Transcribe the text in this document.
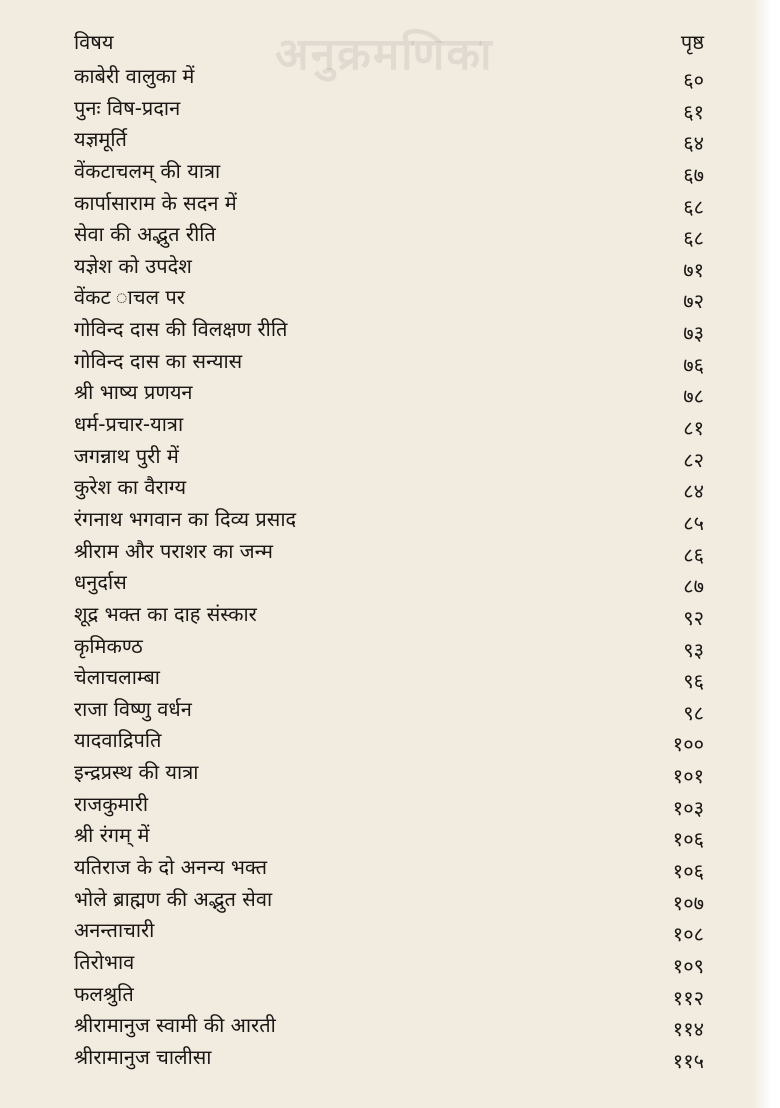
अनुक्रमणिका
विषय	पृष्ठ
काबेरी वालुका में	६०
पुनः विष-प्रदान	६१
यज्ञमूर्ति	६४
वेंकटाचलम् की यात्रा	६७
कार्पासाराम के सदन में	६८
सेवा की अद्भुत रीति	६८
यज्ञेश को उपदेश	७१
वेंकट ाचल पर	७२
गोविन्द दास की विलक्षण रीति	७३
गोविन्द दास का सन्यास	७६
श्री भाष्य प्रणयन	७८
धर्म-प्रचार-यात्रा	८१
जगन्नाथ पुरी में	८२
कुरेश का वैराग्य	८४
रंगनाथ भगवान का दिव्य प्रसाद	८५
श्रीराम और पराशर का जन्म	८६
धनुर्दास	८७
शूद्र भक्त का दाह संस्कार	९२
कृमिकण्ठ	९३
चेलाचलाम्बा	९६
राजा विष्णु वर्धन	९८
यादवाद्रिपति	१००
इन्द्रप्रस्थ की यात्रा	१०१
राजकुमारी	१०३
श्री रंगम् में	१०६
यतिराज के दो अनन्य भक्त	१०६
भोले ब्राह्मण की अद्भुत सेवा	१०७
अनन्ताचारी	१०८
तिरोभाव	१०९
फलश्रुति	११२
श्रीरामानुज स्वामी की आरती	११४
श्रीरामानुज चालीसा	११५
